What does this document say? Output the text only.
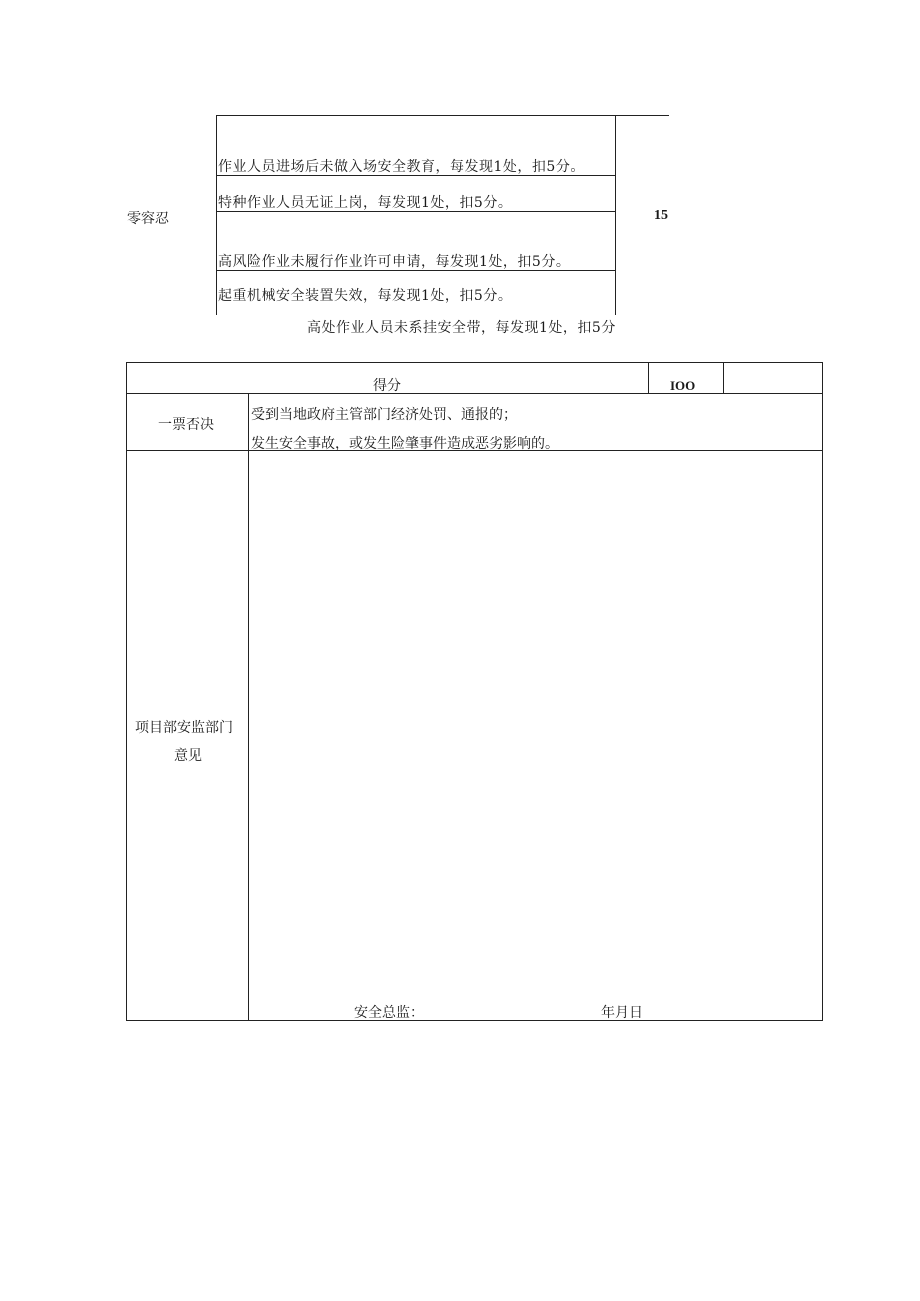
零容忍
作业人员进场后未做入场安全教育，每发现1处，扣5分。
特种作业人员无证上岗，每发现1处，扣5分。
高风险作业未履行作业许可申请，每发现1处，扣5分。
起重机械安全装置失效，每发现1处，扣5分。
高处作业人员未系挂安全带，每发现1处，扣5分
15
得分	IOO
一票否决
受到当地政府主管部门经济处罚、通报的；
发生安全事故，或发生险肇事件造成恶劣影响的。
项目部安监部门
意见
安全总监：	年月日
